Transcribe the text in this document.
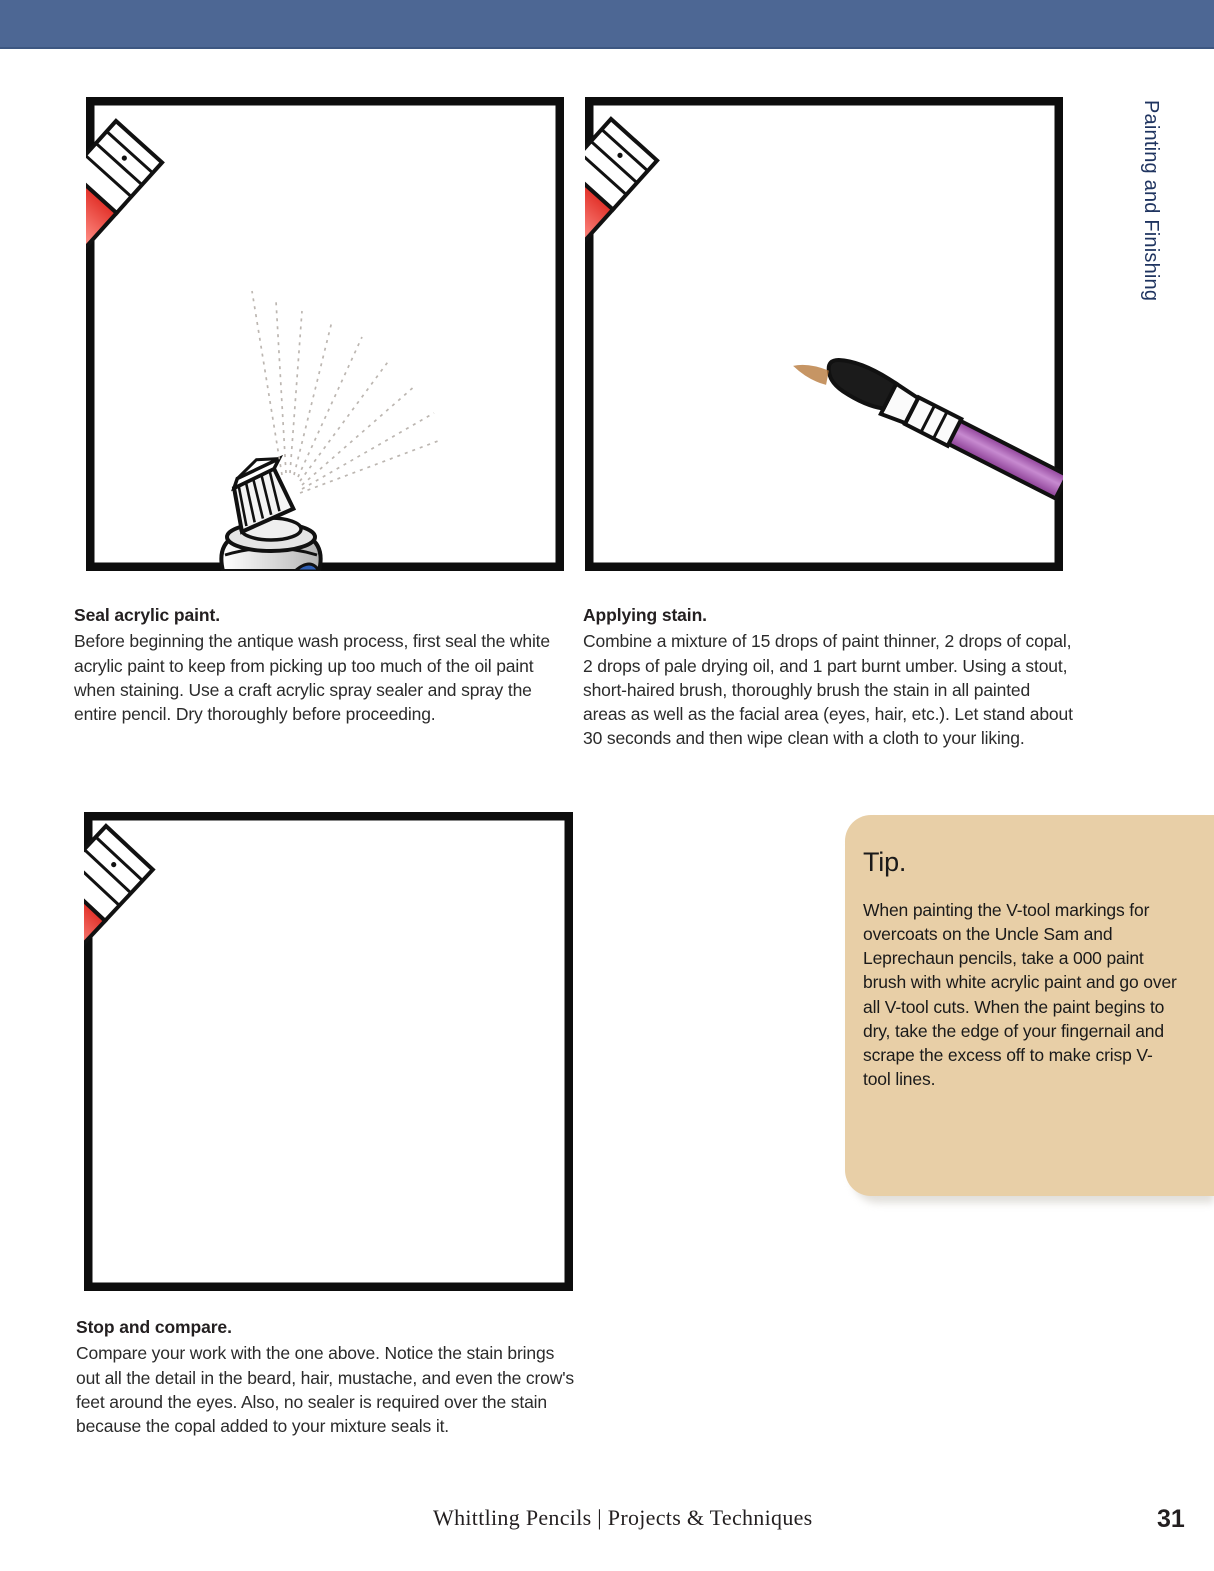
Painting and Finishing

Seal acrylic paint.

Before beginning the antique wash process, first seal the white acrylic paint to keep from picking up too much of the oil paint when staining. Use a craft acrylic spray sealer and spray the entire pencil. Dry thoroughly before proceeding.

Applying stain.

Combine a mixture of 15 drops of paint thinner, 2 drops of copal, 2 drops of pale drying oil, and 1 part burnt umber. Using a stout, short-haired brush, thoroughly brush the stain in all painted areas as well as the facial area (eyes, hair, etc.). Let stand about 30 seconds and then wipe clean with a cloth to your liking.

Stop and compare.

Compare your work with the one above. Notice the stain brings out all the detail in the beard, hair, mustache, and even the crow's feet around the eyes. Also, no sealer is required over the stain because the copal added to your mixture seals it.

Tip.

When painting the V-tool markings for overcoats on the Uncle Sam and Leprechaun pencils, take a 000 paint brush with white acrylic paint and go over all V-tool cuts. When the paint begins to dry, take the edge of your fingernail and scrape the excess off to make crisp V-tool lines.

Whittling Pencils | Projects & Techniques	31
